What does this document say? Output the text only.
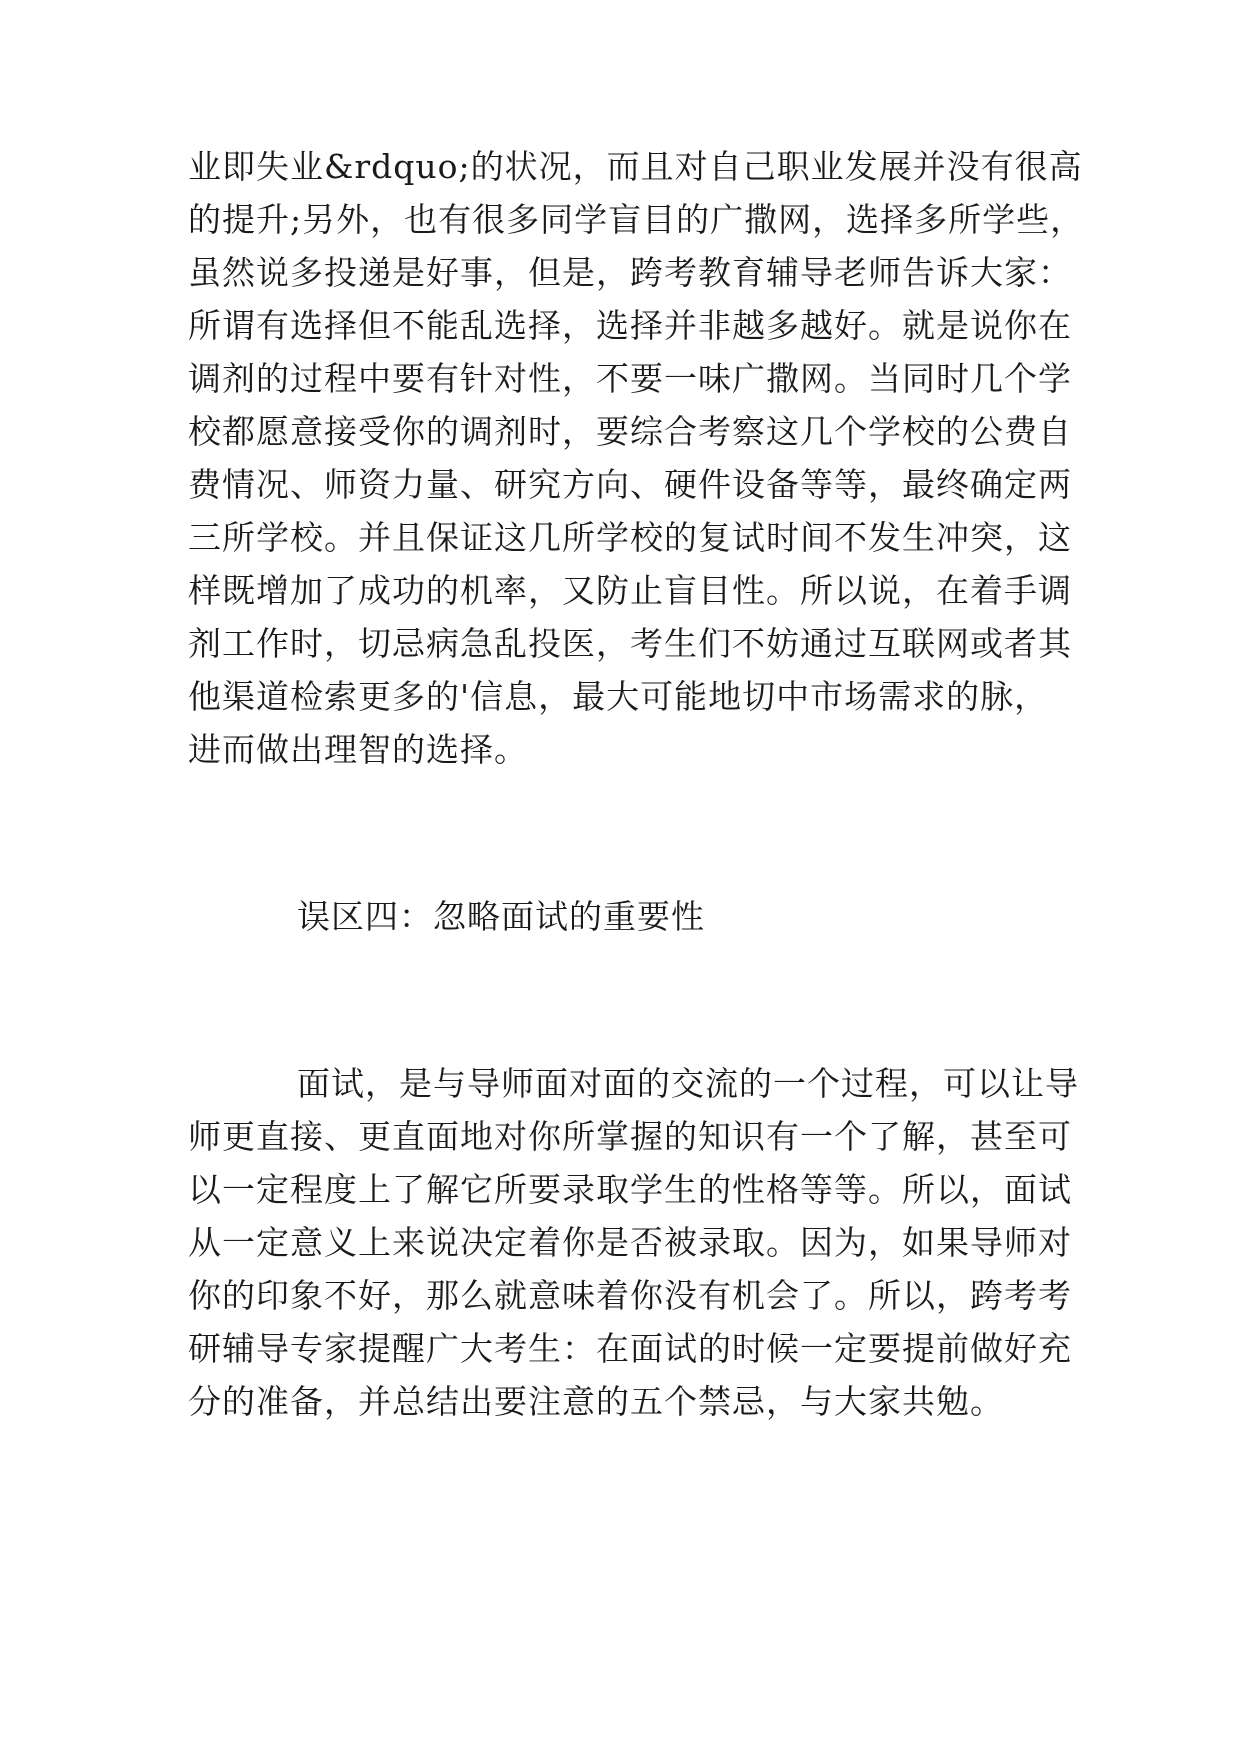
业即失业&rdquo;的状况，而且对自己职业发展并没有很高
的提升;另外，也有很多同学盲目的广撒网，选择多所学些，
虽然说多投递是好事，但是，跨考教育辅导老师告诉大家：
所谓有选择但不能乱选择，选择并非越多越好。就是说你在
调剂的过程中要有针对性，不要一味广撒网。当同时几个学
校都愿意接受你的调剂时，要综合考察这几个学校的公费自
费情况、师资力量、研究方向、硬件设备等等，最终确定两
三所学校。并且保证这几所学校的复试时间不发生冲突，这
样既增加了成功的机率，又防止盲目性。所以说，在着手调
剂工作时，切忌病急乱投医，考生们不妨通过互联网或者其
他渠道检索更多的'信息，最大可能地切中市场需求的脉，
进而做出理智的选择。
误区四：忽略面试的重要性
面试，是与导师面对面的交流的一个过程，可以让导
师更直接、更直面地对你所掌握的知识有一个了解，甚至可
以一定程度上了解它所要录取学生的性格等等。所以，面试
从一定意义上来说决定着你是否被录取。因为，如果导师对
你的印象不好，那么就意味着你没有机会了。所以，跨考考
研辅导专家提醒广大考生：在面试的时候一定要提前做好充
分的准备，并总结出要注意的五个禁忌，与大家共勉。
